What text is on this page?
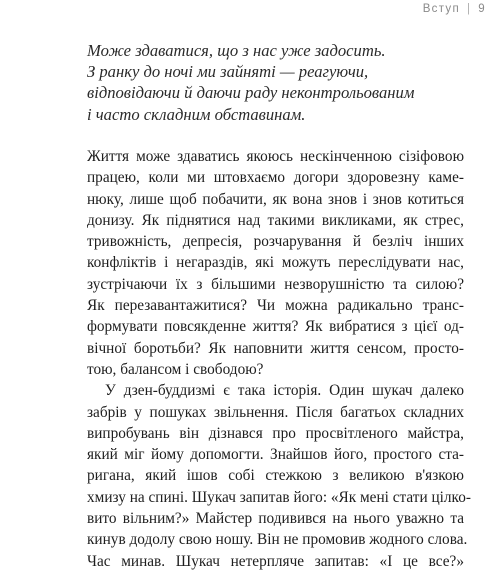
Вступ | 9
Може здаватися, що з нас уже задосить.
З ранку до ночі ми зайняті — реагуючи,
відповідаючи й даючи раду неконтрольованим
і часто складним обставинам.
Життя може здаватись якоюсь нескінченною сізіфовою
працею, коли ми штовхаємо догори здоровезну каме-
нюку, лише щоб побачити, як вона знов і знов котиться
донизу. Як піднятися над такими викликами, як стрес,
тривожність, депресія, розчарування й безліч інших
конфліктів і негараздів, які можуть переслідувати нас,
зустрічаючи їх з більшими незворушністю та силою?
Як перезавантажитися? Чи можна радикально транс-
формувати повсякденне життя? Як вибратися з цієї од-
вічної боротьби? Як наповнити життя сенсом, просто-
тою, балансом і свободою?
У дзен-буддизмі є така історія. Один шукач далеко
забрів у пошуках звільнення. Після багатьох складних
випробувань він дізнався про просвітленого майстра,
який міг йому допомогти. Знайшов його, простого ста-
ригана, який ішов собі стежкою з великою в'язкою
хмизу на спині. Шукач запитав його: «Як мені стати цілко-
вито вільним?» Майстер подивився на нього уважно та
кинув додолу свою ношу. Він не промовив жодного слова.
Час минав. Шукач нетерпляче запитав: «І це все?»
